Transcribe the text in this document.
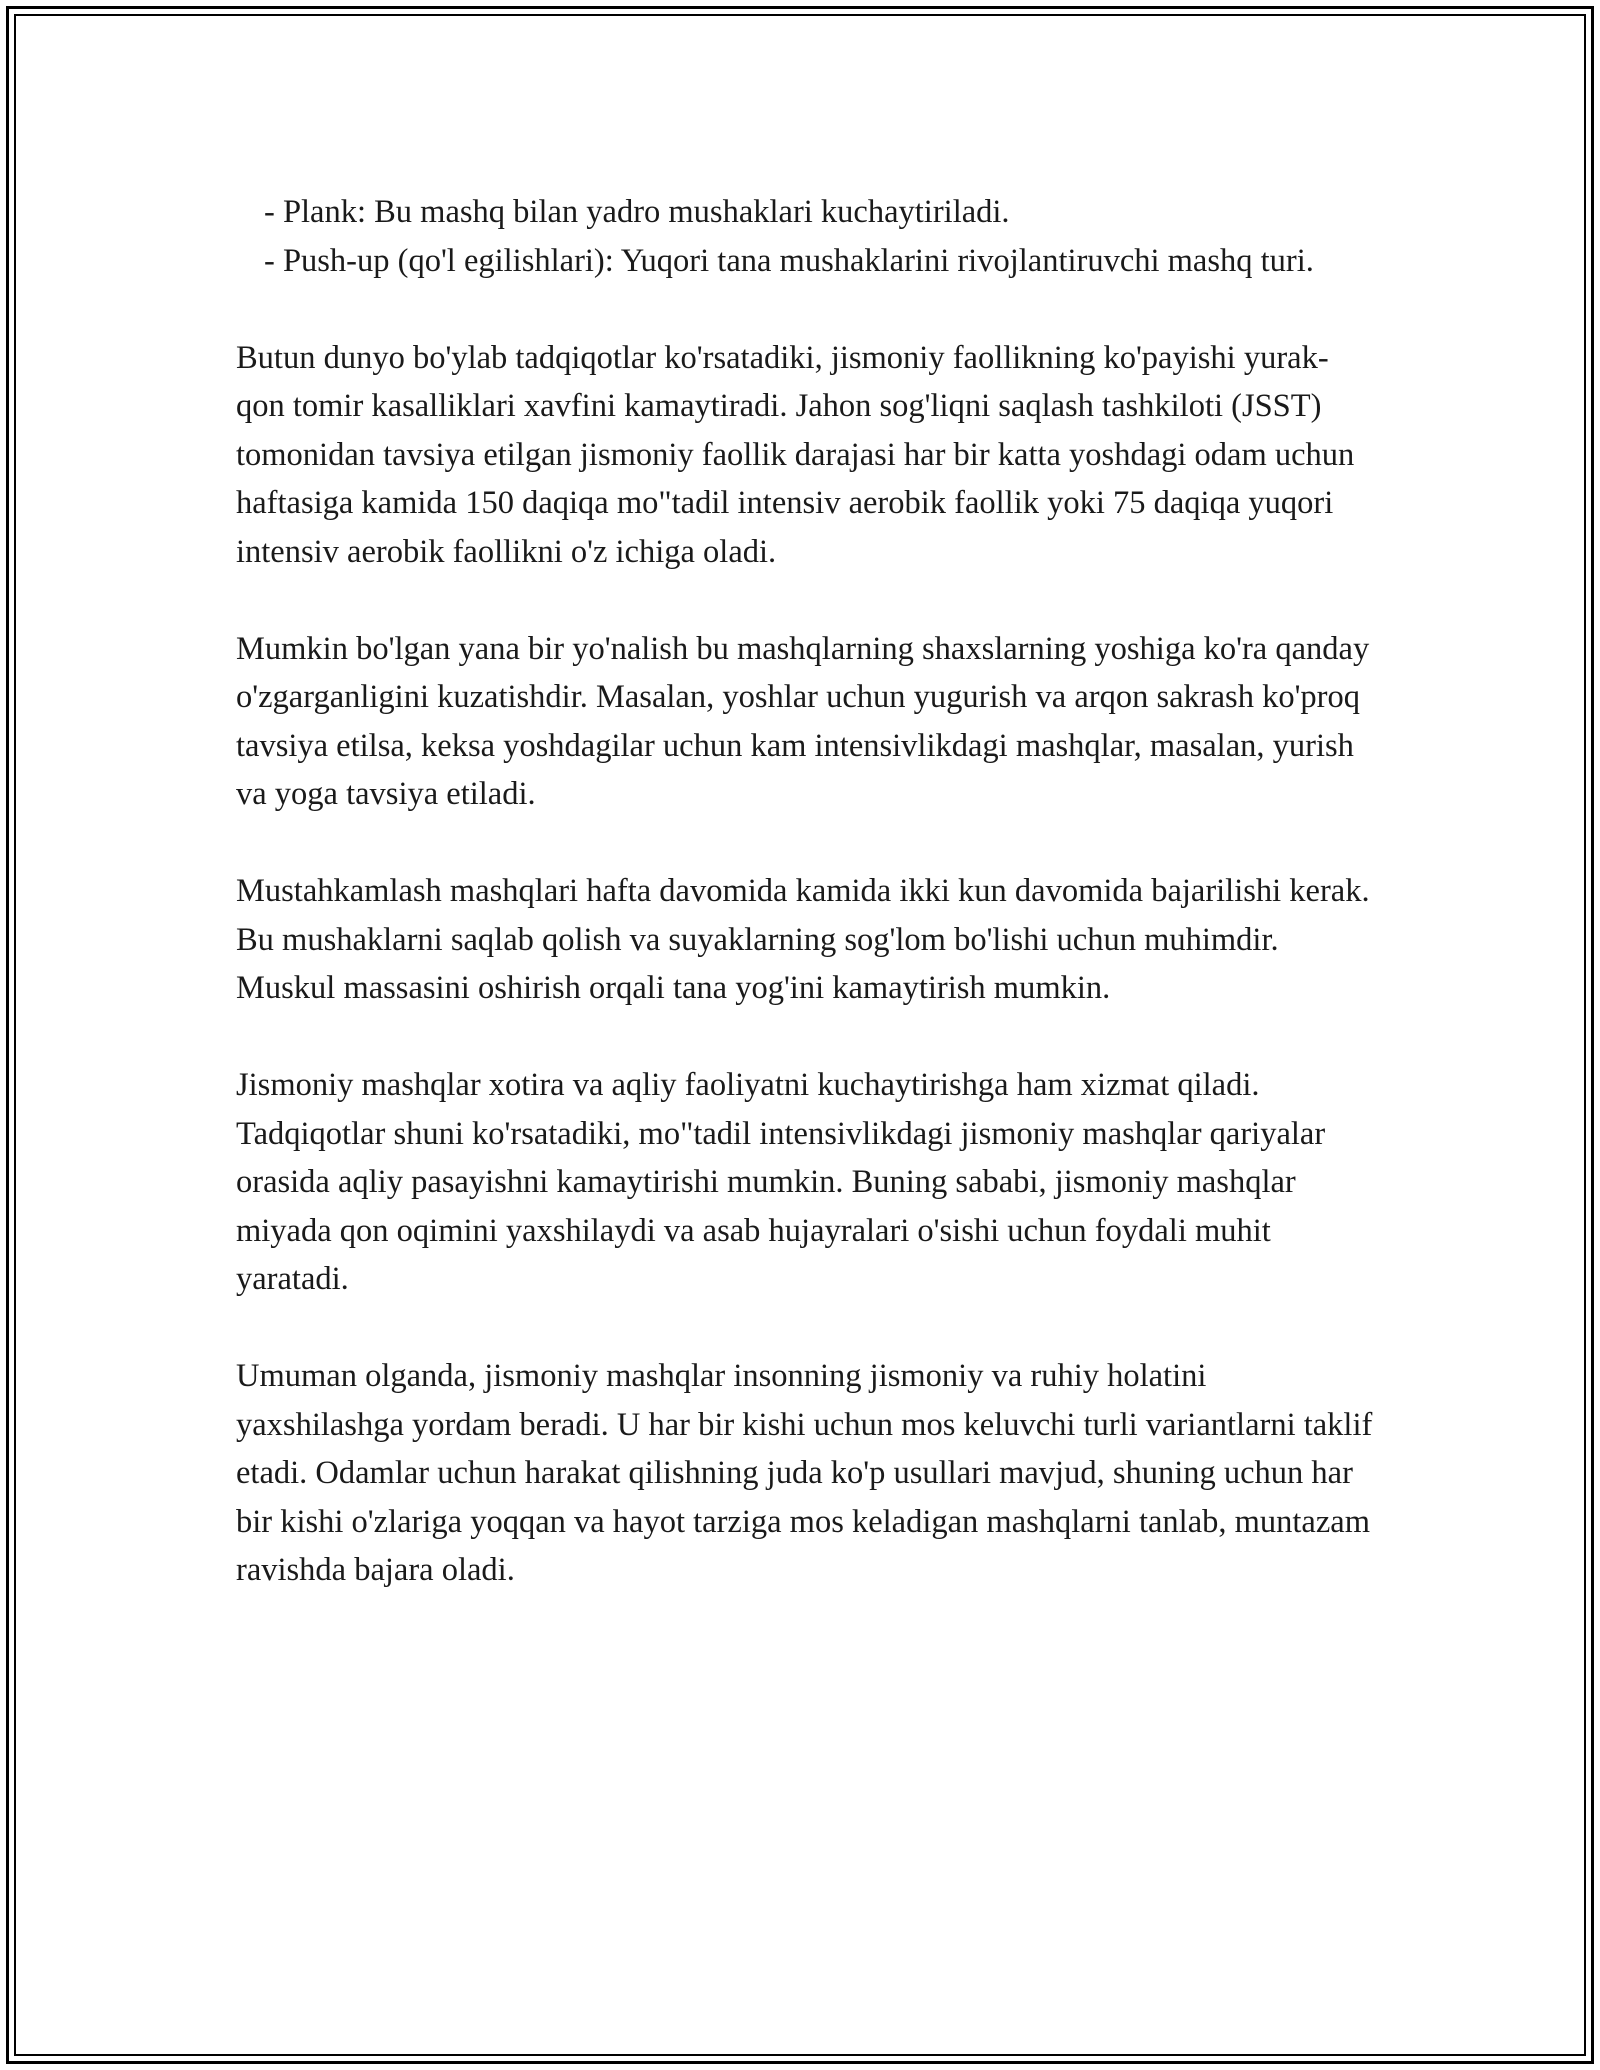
- Plank: Bu mashq bilan yadro mushaklari kuchaytiriladi.

- Push-up (qo'l egilishlari): Yuqori tana mushaklarini rivojlantiruvchi mashq turi.

Butun dunyo bo'ylab tadqiqotlar ko'rsatadiki, jismoniy faollikning ko'payishi yurak-qon tomir kasalliklari xavfini kamaytiradi. Jahon sog'liqni saqlash tashkiloti (JSST) tomonidan tavsiya etilgan jismoniy faollik darajasi har bir katta yoshdagi odam uchun haftasiga kamida 150 daqiqa mo"tadil intensiv aerobik faollik yoki 75 daqiqa yuqori intensiv aerobik faollikni o'z ichiga oladi.

Mumkin bo'lgan yana bir yo'nalish bu mashqlarning shaxslarning yoshiga ko'ra qanday o'zgarganligini kuzatishdir. Masalan, yoshlar uchun yugurish va arqon sakrash ko'proq tavsiya etilsa, keksa yoshdagilar uchun kam intensivlikdagi mashqlar, masalan, yurish va yoga tavsiya etiladi.

Mustahkamlash mashqlari hafta davomida kamida ikki kun davomida bajarilishi kerak. Bu mushaklarni saqlab qolish va suyaklarning sog'lom bo'lishi uchun muhimdir. Muskul massasini oshirish orqali tana yog'ini kamaytirish mumkin.

Jismoniy mashqlar xotira va aqliy faoliyatni kuchaytirishga ham xizmat qiladi. Tadqiqotlar shuni ko'rsatadiki, mo"tadil intensivlikdagi jismoniy mashqlar qariyalar orasida aqliy pasayishni kamaytirishi mumkin. Buning sababi, jismoniy mashqlar miyada qon oqimini yaxshilaydi va asab hujayralari o'sishi uchun foydali muhit yaratadi.

Umuman olganda, jismoniy mashqlar insonning jismoniy va ruhiy holatini yaxshilashga yordam beradi. U har bir kishi uchun mos keluvchi turli variantlarni taklif etadi. Odamlar uchun harakat qilishning juda ko'p usullari mavjud, shuning uchun har bir kishi o'zlariga yoqqan va hayot tarziga mos keladigan mashqlarni tanlab, muntazam ravishda bajara oladi.
